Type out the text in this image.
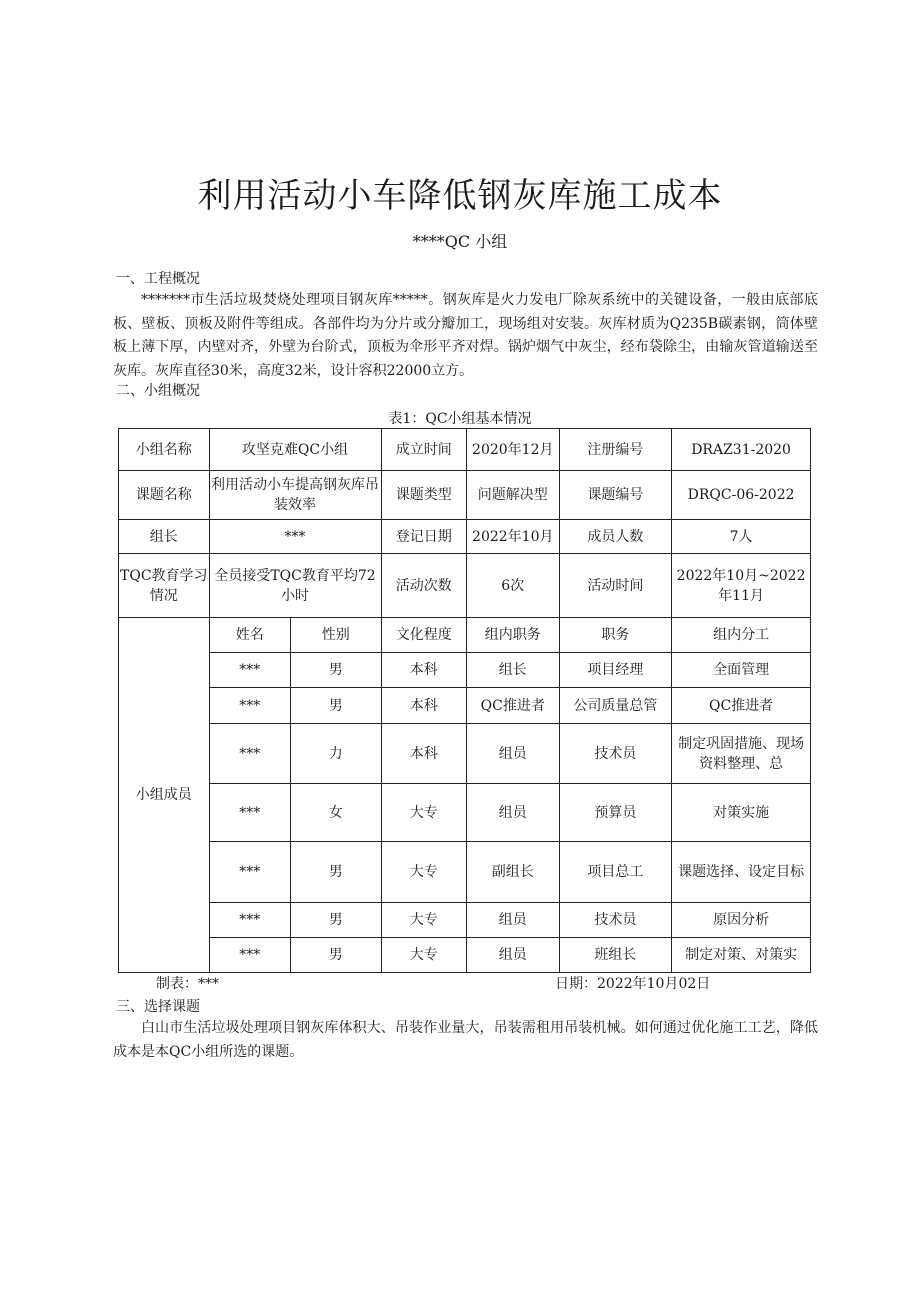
利用活动小车降低钢灰库施工成本
****QC 小组
一、工程概况
*******市生活垃圾焚烧处理项目钢灰库*****。钢灰库是火力发电厂除灰系统中的关键设备，一般由底部底板、壁板、顶板及附件等组成。各部件均为分片或分瓣加工，现场组对安装。灰库材质为Q235B碳素钢，筒体壁板上薄下厚，内壁对齐，外壁为台阶式，顶板为伞形平齐对焊。锅炉烟气中灰尘，经布袋除尘，由输灰管道输送至灰库。灰库直径30米，高度32米，设计容积22000立方。
二、小组概况
表1：QC小组基本情况
小组名称	攻坚克难QC小组		成立时间	2020年12月	注册编号	DRAZ31-2020
课题名称	利用活动小车提高钢灰库吊装效率		课题类型	问题解决型	课题编号	DRQC-06-2022
组长	***		登记日期	2022年10月	成员人数	7人
TQC教育学习情况	全员接受TQC教育平均72小时		活动次数	6次	活动时间	2022年10月~2022年11月
小组成员	姓名	性别	文化程度	组内职务	职务	组内分工
	***	男	本科	组长	项目经理	全面管理
	***	男	本科	QC推进者	公司质量总管	QC推进者
	***	力	本科	组员	技术员	制定巩固措施、现场资料整理、总
	***	女	大专	组员	预算员	对策实施
	***	男	大专	副组长	项目总工	课题选择、设定目标
	***	男	大专	组员	技术员	原因分析
	***	男	大专	组员	班组长	制定对策、对策实
制表：***	日期：2022年10月02日
三、选择课题
白山市生活垃圾处理项目钢灰库体积大、吊装作业量大，吊装需租用吊装机械。如何通过优化施工工艺，降低成本是本QC小组所选的课题。
